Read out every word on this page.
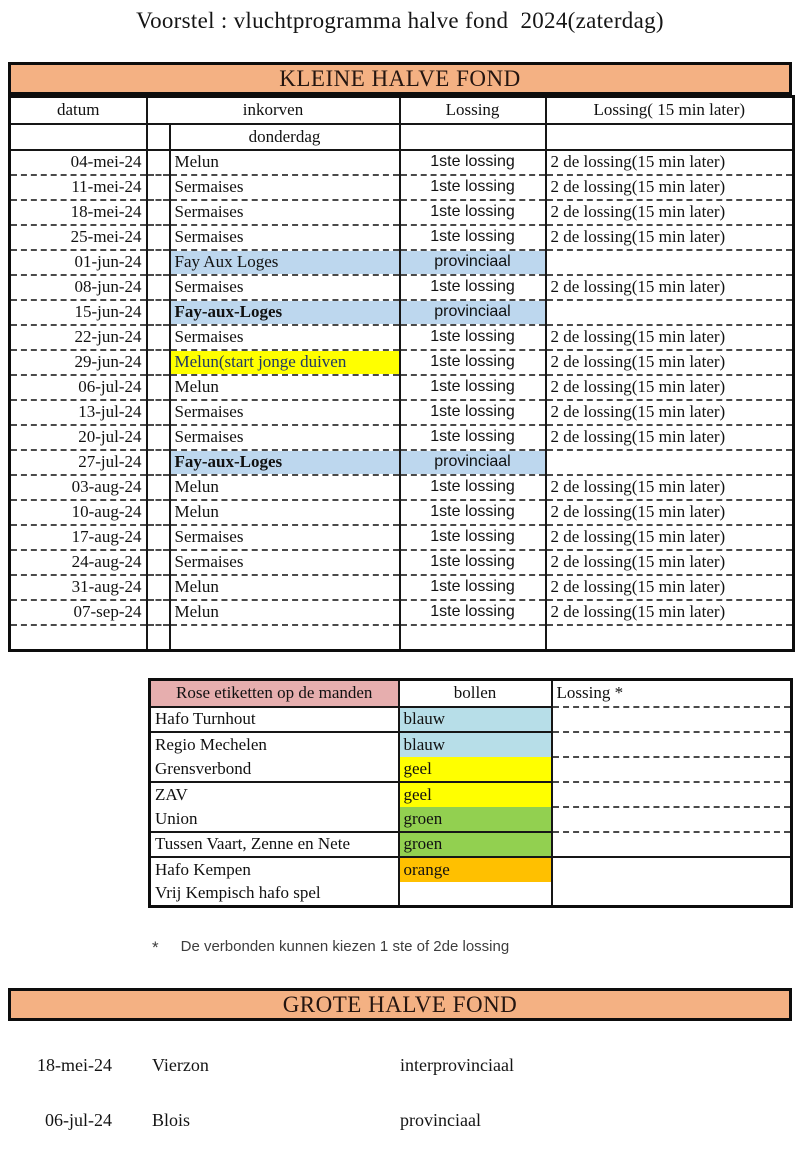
Voorstel : vluchtprogramma halve fond  2024(zaterdag)
KLEINE HALVE FOND
datum	inkorven		Lossing	Lossing( 15 min later)
		donderdag		
04-mei-24		Melun	1ste lossing	2 de lossing(15 min later)
11-mei-24		Sermaises	1ste lossing	2 de lossing(15 min later)
18-mei-24		Sermaises	1ste lossing	2 de lossing(15 min later)
25-mei-24		Sermaises	1ste lossing	2 de lossing(15 min later)
01-jun-24		Fay Aux Loges	provinciaal	
08-jun-24		Sermaises	1ste lossing	2 de lossing(15 min later)
15-jun-24		Fay-aux-Loges	provinciaal	
22-jun-24		Sermaises	1ste lossing	2 de lossing(15 min later)
29-jun-24		Melun(start jonge duiven	1ste lossing	2 de lossing(15 min later)
06-jul-24		Melun	1ste lossing	2 de lossing(15 min later)
13-jul-24		Sermaises	1ste lossing	2 de lossing(15 min later)
20-jul-24		Sermaises	1ste lossing	2 de lossing(15 min later)
27-jul-24		Fay-aux-Loges	provinciaal	
03-aug-24		Melun	1ste lossing	2 de lossing(15 min later)
10-aug-24		Melun	1ste lossing	2 de lossing(15 min later)
17-aug-24		Sermaises	1ste lossing	2 de lossing(15 min later)
24-aug-24		Sermaises	1ste lossing	2 de lossing(15 min later)
31-aug-24		Melun	1ste lossing	2 de lossing(15 min later)
07-sep-24		Melun	1ste lossing	2 de lossing(15 min later)

Rose etiketten op de manden	bollen	Lossing *
Hafo Turnhout	blauw	
Regio Mechelen	blauw	
Grensverbond	geel	
ZAV	geel	
Union	groen	
Tussen Vaart, Zenne en Nete	groen	
Hafo Kempen	orange	
Vrij Kempisch hafo spel		
* De verbonden kunnen kiezen 1 ste of 2de lossing
GROTE HALVE FOND
18-mei-24 Vierzon	interprovinciaal
06-jul-24 Blois	provinciaal
